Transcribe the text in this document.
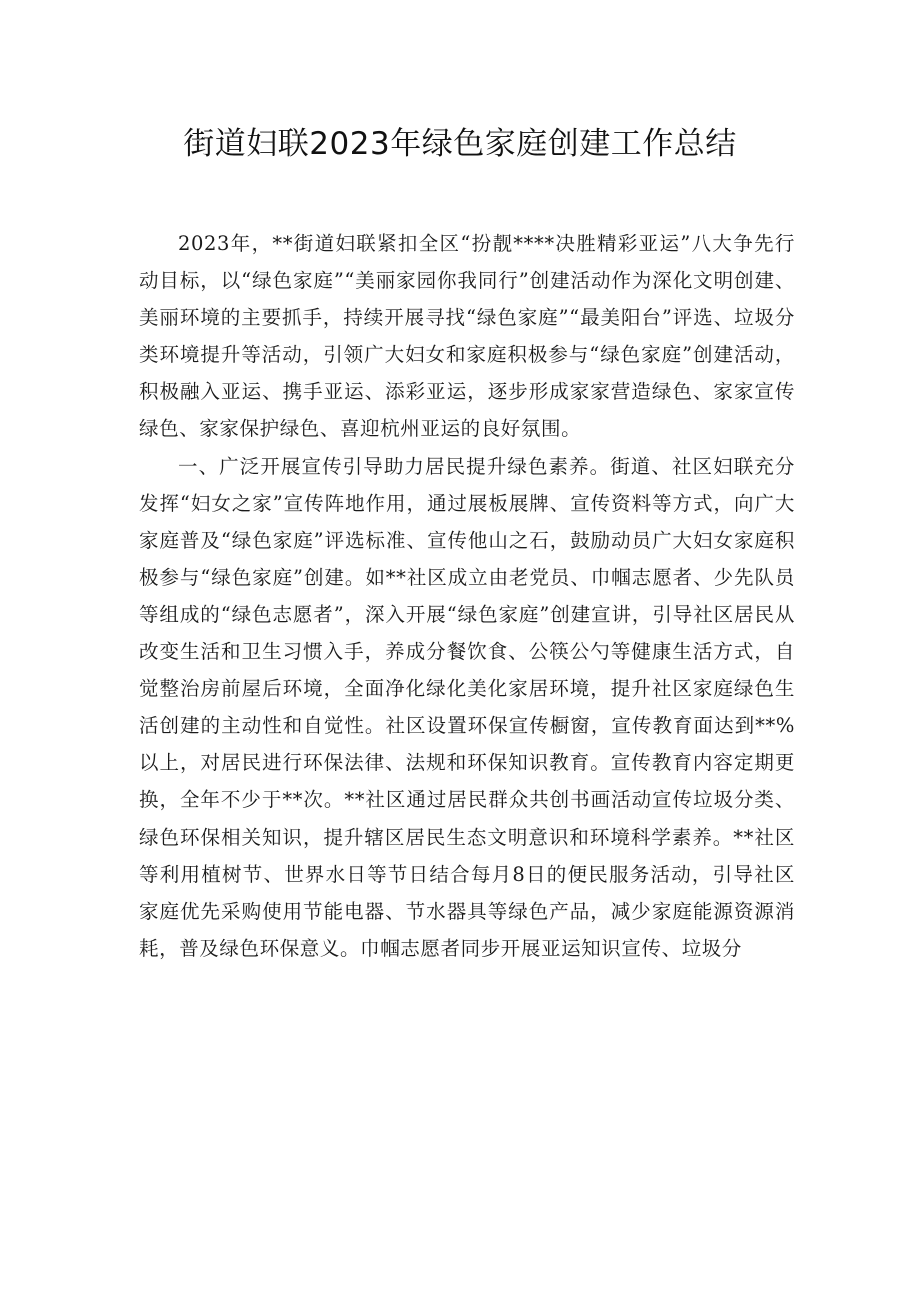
街道妇联2023年绿色家庭创建工作总结

2023年，**街道妇联紧扣全区“扮靓****决胜精彩亚运”八大争先行动目标，以“绿色家庭”“美丽家园你我同行”创建活动作为深化文明创建、美丽环境的主要抓手，持续开展寻找“绿色家庭”“最美阳台”评选、垃圾分类环境提升等活动，引领广大妇女和家庭积极参与“绿色家庭”创建活动，积极融入亚运、携手亚运、添彩亚运，逐步形成家家营造绿色、家家宣传绿色、家家保护绿色、喜迎杭州亚运的良好氛围。

一、广泛开展宣传引导助力居民提升绿色素养。街道、社区妇联充分发挥“妇女之家”宣传阵地作用，通过展板展牌、宣传资料等方式，向广大家庭普及“绿色家庭”评选标准、宣传他山之石，鼓励动员广大妇女家庭积极参与“绿色家庭”创建。如**社区成立由老党员、巾帼志愿者、少先队员等组成的“绿色志愿者”，深入开展“绿色家庭”创建宣讲，引导社区居民从改变生活和卫生习惯入手，养成分餐饮食、公筷公勺等健康生活方式，自觉整治房前屋后环境，全面净化绿化美化家居环境，提升社区家庭绿色生活创建的主动性和自觉性。社区设置环保宣传橱窗，宣传教育面达到**%以上，对居民进行环保法律、法规和环保知识教育。宣传教育内容定期更换，全年不少于**次。**社区通过居民群众共创书画活动宣传垃圾分类、绿色环保相关知识，提升辖区居民生态文明意识和环境科学素养。**社区等利用植树节、世界水日等节日结合每月8日的便民服务活动，引导社区家庭优先采购使用节能电器、节水器具等绿色产品，减少家庭能源资源消耗，普及绿色环保意义。巾帼志愿者同步开展亚运知识宣传、垃圾分
